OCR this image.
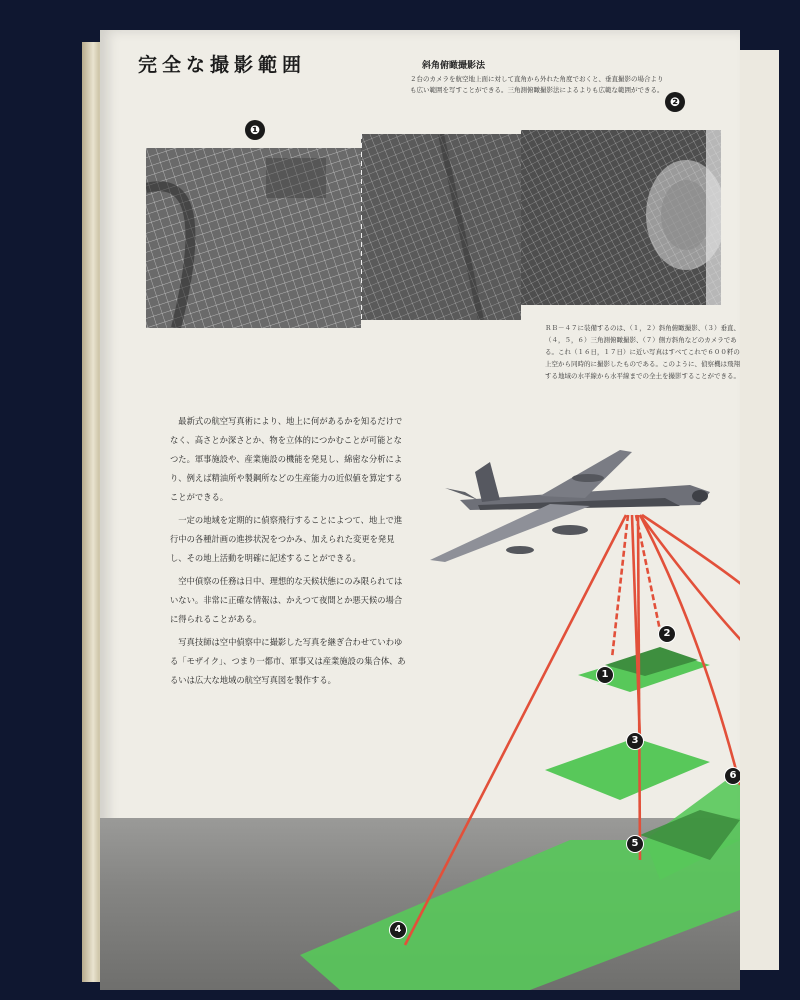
完全な撮影範囲	斜角俯瞰撮影法

２台のカメラを航空地上面に対して直角から外れた角度でおくと、垂直撮影の場合よりも広い範囲を写すことができる。三角測俯瞰撮影法によるよりも広範な範囲ができる。

❶
❷

ＲＢ－４７に装備するのは、（１，２）斜角俯瞰撮影、（３）垂直、（４，５，６）三角測俯瞰撮影、（７）側方斜角などのカメラである。これ（１６日，１７日）に近い写真はすべてこれで６００粁の上空から同時的に撮影したものである。このように、偵察機は飛翔する地域の水平線から水平線までの全土を撮影することができる。

最新式の航空写真術により、地上に何があるかを知るだけでなく、高さとか深さとか、物を立体的につかむことが可能となつた。軍事施設や、産業施設の機能を発見し、綿密な分析により、例えば精油所や製鋼所などの生産能力の近似値を算定することができる。

一定の地域を定期的に偵察飛行することによつて、地上で進行中の各種計画の進捗状況をつかみ、加えられた変更を発見し、その地上活動を明確に記述することができる。

空中偵察の任務は日中、理想的な天候状態にのみ限られてはいない。非常に正確な情報は、かえつて夜間とか悪天候の場合に得られることがある。

写真技師は空中偵察中に撮影した写真を継ぎ合わせていわゆる「モザイク」、つまり一都市、軍事又は産業施設の集合体、あるいは広大な地域の航空写真図を製作する。	1
2
3
4
5
6
